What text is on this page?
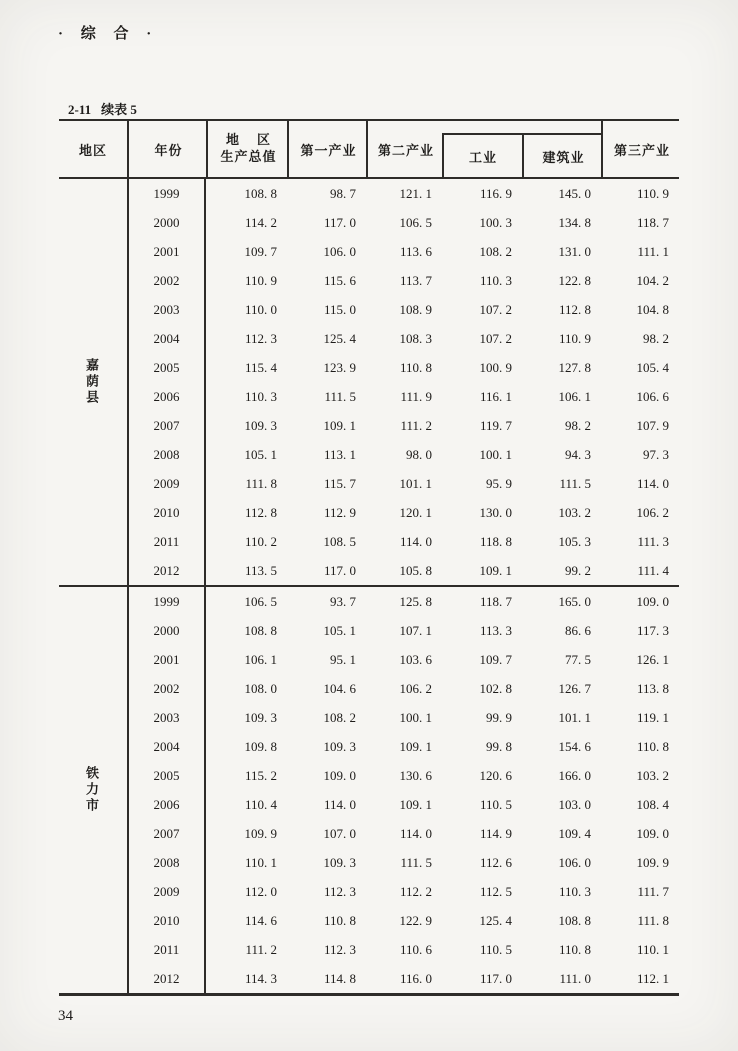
· 综 合 ·
2-11 续表 5
地区	年份
地    区
生产总值	第一产业	第二产业	工业	建筑业	第三产业
嘉荫县
1999	108. 8	98. 7	121. 1	116. 9	145. 0	110. 9
2000	114. 2	117. 0	106. 5	100. 3	134. 8	118. 7
2001	109. 7	106. 0	113. 6	108. 2	131. 0	111. 1
2002	110. 9	115. 6	113. 7	110. 3	122. 8	104. 2
2003	110. 0	115. 0	108. 9	107. 2	112. 8	104. 8
2004	112. 3	125. 4	108. 3	107. 2	110. 9	98. 2
2005	115. 4	123. 9	110. 8	100. 9	127. 8	105. 4
2006	110. 3	111. 5	111. 9	116. 1	106. 1	106. 6
2007	109. 3	109. 1	111. 2	119. 7	98. 2	107. 9
2008	105. 1	113. 1	98. 0	100. 1	94. 3	97. 3
2009	111. 8	115. 7	101. 1	95. 9	111. 5	114. 0
2010	112. 8	112. 9	120. 1	130. 0	103. 2	106. 2
2011	110. 2	108. 5	114. 0	118. 8	105. 3	111. 3
2012	113. 5	117. 0	105. 8	109. 1	99. 2	111. 4
铁力市
1999	106. 5	93. 7	125. 8	118. 7	165. 0	109. 0
2000	108. 8	105. 1	107. 1	113. 3	86. 6	117. 3
2001	106. 1	95. 1	103. 6	109. 7	77. 5	126. 1
2002	108. 0	104. 6	106. 2	102. 8	126. 7	113. 8
2003	109. 3	108. 2	100. 1	99. 9	101. 1	119. 1
2004	109. 8	109. 3	109. 1	99. 8	154. 6	110. 8
2005	115. 2	109. 0	130. 6	120. 6	166. 0	103. 2
2006	110. 4	114. 0	109. 1	110. 5	103. 0	108. 4
2007	109. 9	107. 0	114. 0	114. 9	109. 4	109. 0
2008	110. 1	109. 3	111. 5	112. 6	106. 0	109. 9
2009	112. 0	112. 3	112. 2	112. 5	110. 3	111. 7
2010	114. 6	110. 8	122. 9	125. 4	108. 8	111. 8
2011	111. 2	112. 3	110. 6	110. 5	110. 8	110. 1
2012	114. 3	114. 8	116. 0	117. 0	111. 0	112. 1
34
